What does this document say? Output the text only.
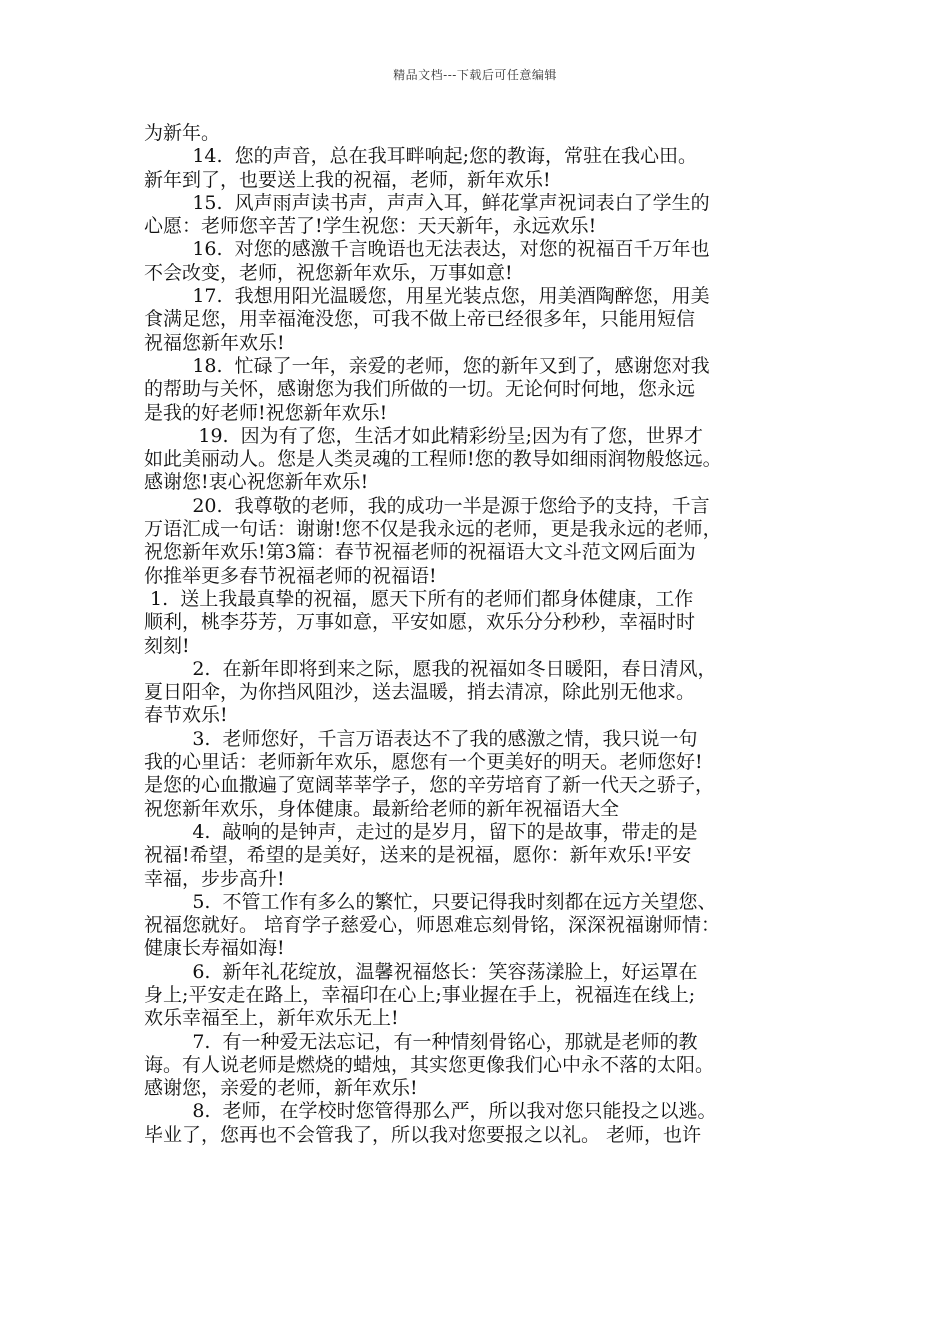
精品文档---下载后可任意编辑
为新年。
14.  您的声音，总在我耳畔响起;您的教诲，常驻在我心田。
新年到了，也要送上我的祝福，老师，新年欢乐!
15.  风声雨声读书声，声声入耳，鲜花掌声祝词表白了学生的
心愿：老师您辛苦了!学生祝您：天天新年，永远欢乐!
16.  对您的感激千言晚语也无法表达，对您的祝福百千万年也
不会改变，老师，祝您新年欢乐，万事如意!
17.  我想用阳光温暖您，用星光装点您，用美酒陶醉您，用美
食满足您，用幸福淹没您，可我不做上帝已经很多年，只能用短信
祝福您新年欢乐!
18.  忙碌了一年，亲爱的老师，您的新年又到了，感谢您对我
的帮助与关怀，感谢您为我们所做的一切。无论何时何地，您永远
是我的好老师!祝您新年欢乐!
19.  因为有了您，生活才如此精彩纷呈;因为有了您，世界才
如此美丽动人。您是人类灵魂的工程师!您的教导如细雨润物般悠远。
感谢您!衷心祝您新年欢乐!
20.  我尊敬的老师，我的成功一半是源于您给予的支持，千言
万语汇成一句话：谢谢!您不仅是我永远的老师，更是我永远的老师，
祝您新年欢乐!第3篇：春节祝福老师的祝福语大文斗范文网后面为
你推举更多春节祝福老师的祝福语!
1.  送上我最真挚的祝福，愿天下所有的老师们都身体健康，工作
顺利，桃李芬芳，万事如意，平安如愿，欢乐分分秒秒，幸福时时
刻刻!
2.  在新年即将到来之际，愿我的祝福如冬日暖阳，春日清风，
夏日阳伞，为你挡风阻沙，送去温暖，捎去清凉，除此别无他求。
春节欢乐!
3.  老师您好，千言万语表达不了我的感激之情，我只说一句
我的心里话：老师新年欢乐，愿您有一个更美好的明天。老师您好!
是您的心血撒遍了宽阔莘莘学子，您的辛劳培育了新一代天之骄子，
祝您新年欢乐，身体健康。最新给老师的新年祝福语大全
4.  敲响的是钟声，走过的是岁月，留下的是故事，带走的是
祝福!希望，希望的是美好，送来的是祝福，愿你：新年欢乐!平安
幸福，步步高升!
5.  不管工作有多么的繁忙，只要记得我时刻都在远方关望您、
祝福您就好。 培育学子慈爱心，师恩难忘刻骨铭，深深祝福谢师情：
健康长寿福如海!
6.  新年礼花绽放，温馨祝福悠长：笑容荡漾脸上，好运罩在
身上;平安走在路上，幸福印在心上;事业握在手上，祝福连在线上;
欢乐幸福至上，新年欢乐无上!
7.  有一种爱无法忘记，有一种情刻骨铭心，那就是老师的教
诲。有人说老师是燃烧的蜡烛，其实您更像我们心中永不落的太阳。
感谢您，亲爱的老师，新年欢乐!
8.  老师，在学校时您管得那么严，所以我对您只能投之以逃。
毕业了，您再也不会管我了，所以我对您要报之以礼。 老师，也许
